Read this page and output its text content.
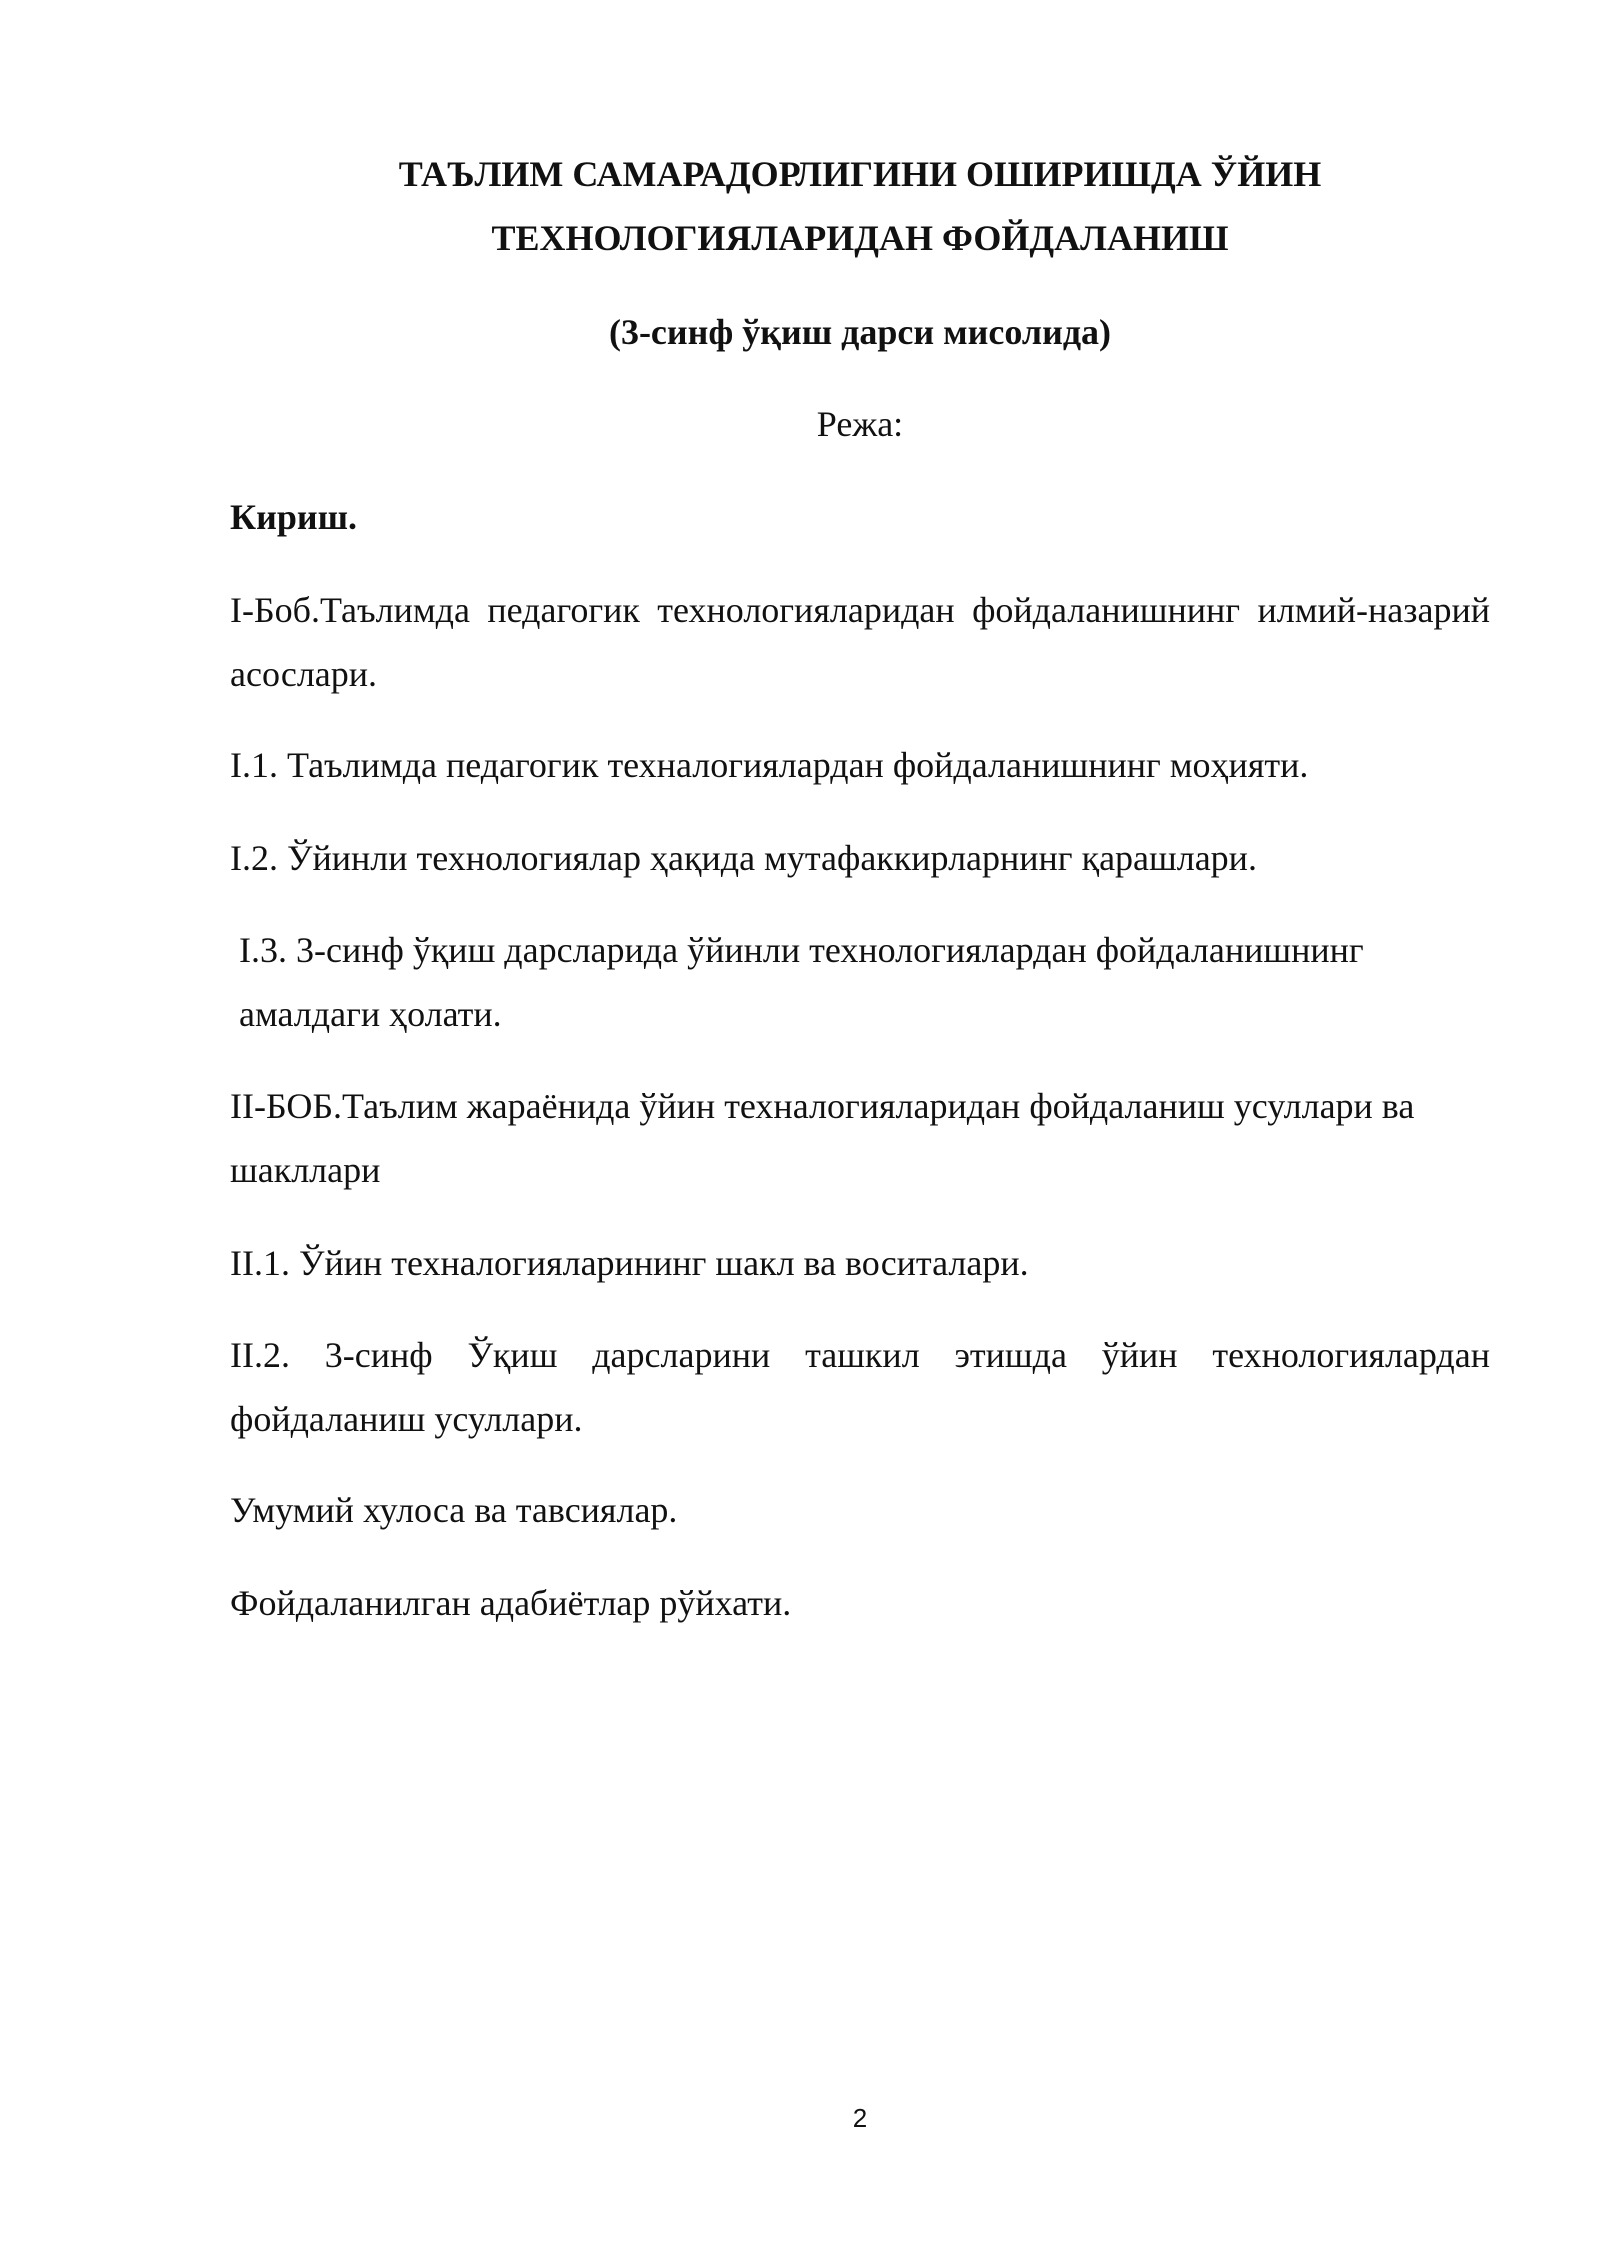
ТАЪЛИМ САМАРАДОРЛИГИНИ ОШИРИШДА ЎЙИН ТЕХНОЛОГИЯЛАРИДАН ФОЙДАЛАНИШ
(3-синф ўқиш дарси мисолида)
Режа:
Кириш.
I-Боб.Таълимда педагогик технологияларидан фойдаланишнинг илмий-назарий асослари.
I.1. Таълимда педагогик техналогиялардан фойдаланишнинг моҳияти.
I.2. Ўйинли технологиялар ҳақида мутафаккирларнинг қарашлари.
I.3. 3-синф ўқиш дарсларида ўйинли технологиялардан фойдаланишнинг амалдаги ҳолати.
II-БОБ.Таълим жараёнида ўйин техналогияларидан фойдаланиш усуллари ва шакллари
II.1. Ўйин техналогияларининг шакл ва воситалари.
II.2. 3-синф Ўқиш дарсларини ташкил этишда ўйин технологиялардан фойдаланиш усуллари.
Умумий хулоса ва тавсиялар.
Фойдаланилган адабиётлар рўйхати.
2
